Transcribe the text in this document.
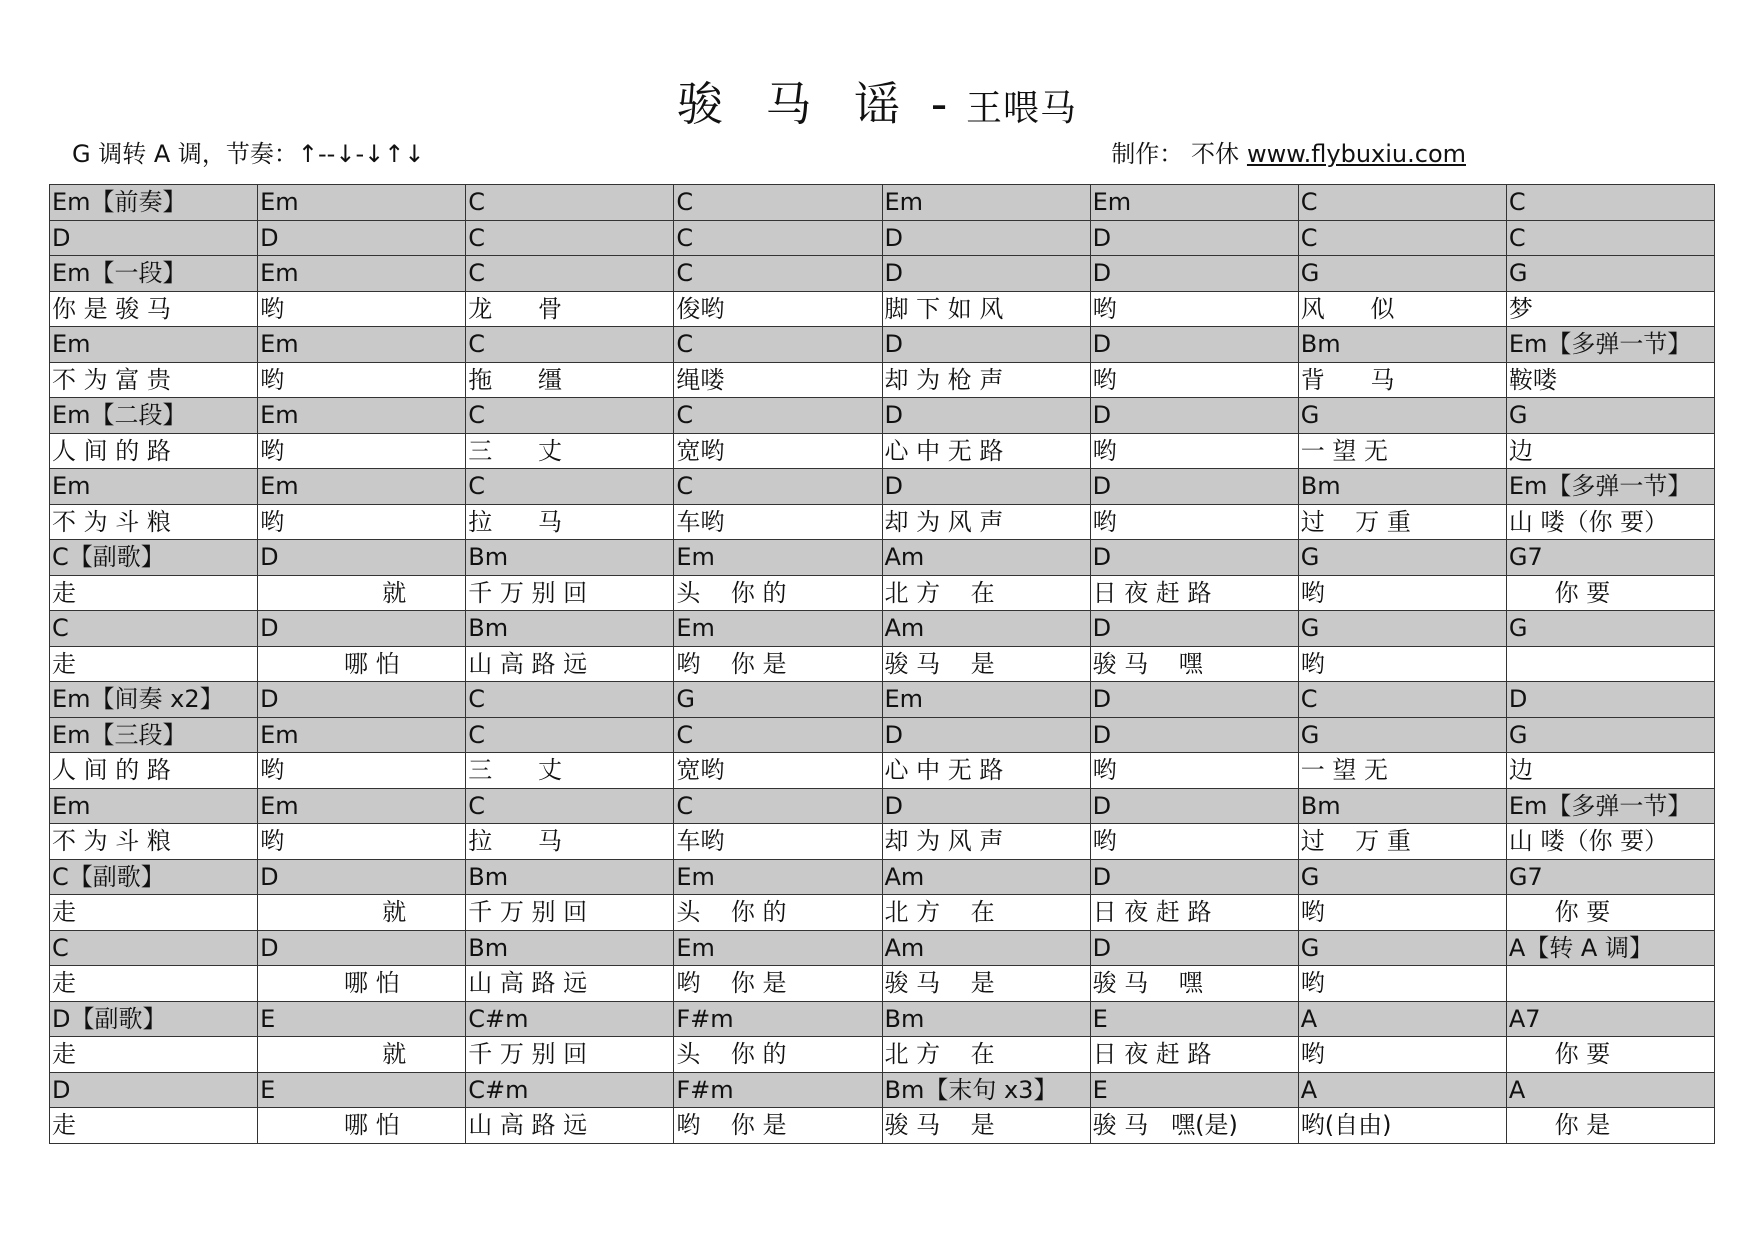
骏 马 谣 - 王喂马
G 调转 A 调，节奏：↑--↓-↓↑↓	制作： 不休 www.flybuxiu.com
Em【前奏】	Em	C	C	Em	Em	C	C
D	D	C	C	D	D	C	C
Em【一段】	Em	C	C	D	D	G	G

你 是 骏 马	哟	龙      骨	俊哟	脚 下 如 风	哟	风      似	梦

Em	Em	C	C	D	D	Bm	Em【多弹一节】

不 为 富 贵	哟	拖      缰	绳喽	却 为 枪 声	哟	背      马	鞍喽

Em【二段】	Em	C	C	D	D	G	G

人 间 的 路	哟	三      丈	宽哟	心 中 无 路	哟	一 望 无	边

Em	Em	C	C	D	D	Bm	Em【多弹一节】

不 为 斗 粮	哟	拉      马	车哟	却 为 风 声	哟	过    万 重	山 喽（你 要）

C【副歌】	D	Bm	Em	Am	D	G	G7

走	就	千 万 别 回	头    你 的	北 方    在	日 夜 赶 路	哟	你 要

C	D	Bm	Em	Am	D	G	G

走	哪 怕	山 高 路 远	哟    你 是	骏 马    是	骏 马    嘿	哟	

Em【间奏 x2】	D	C	G	Em	D	C	D
Em【三段】	Em	C	C	D	D	G	G

人 间 的 路	哟	三      丈	宽哟	心 中 无 路	哟	一 望 无	边

Em	Em	C	C	D	D	Bm	Em【多弹一节】

不 为 斗 粮	哟	拉      马	车哟	却 为 风 声	哟	过    万 重	山 喽（你 要）

C【副歌】	D	Bm	Em	Am	D	G	G7

走	就	千 万 别 回	头    你 的	北 方    在	日 夜 赶 路	哟	你 要

C	D	Bm	Em	Am	D	G	A【转 A 调】

走	哪 怕	山 高 路 远	哟    你 是	骏 马    是	骏 马    嘿	哟	

D【副歌】	E	C#m	F#m	Bm	E	A	A7

走	就	千 万 别 回	头    你 的	北 方    在	日 夜 赶 路	哟	你 要

D	E	C#m	F#m	Bm【末句 x3】	E	A	A

走	哪 怕	山 高 路 远	哟    你 是	骏 马    是	骏 马   嘿(是)	哟(自由)	你 是
